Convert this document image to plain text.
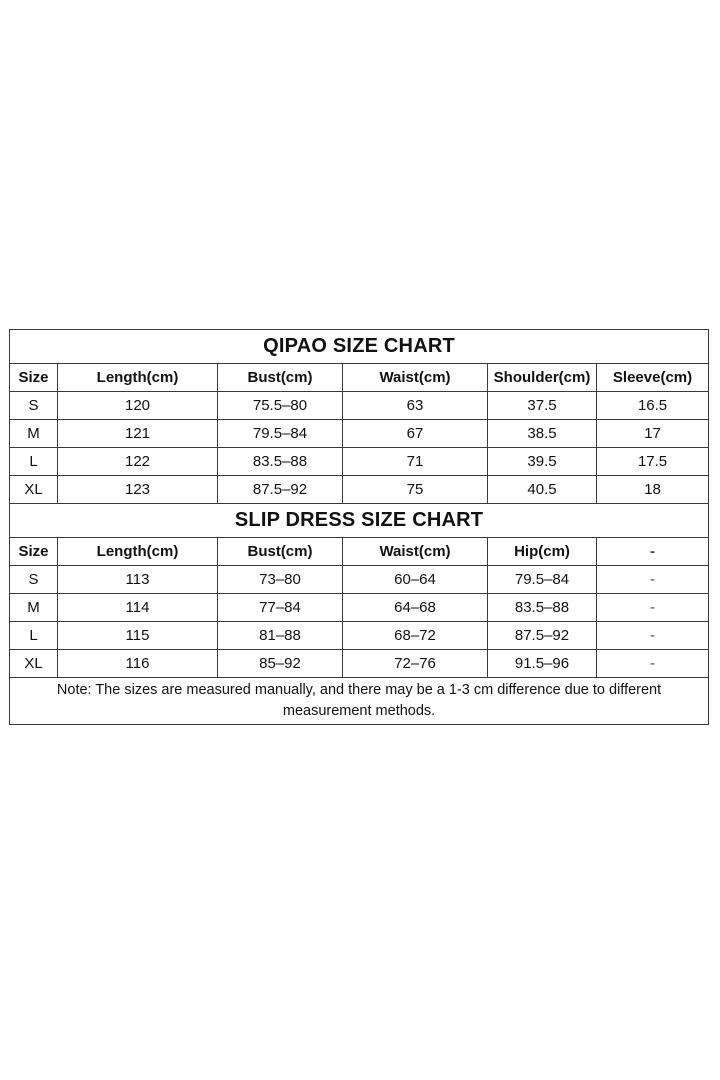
QIPAO SIZE CHART					
Size	Length(cm)	Bust(cm)	Waist(cm)	Shoulder(cm)	Sleeve(cm)
S	120	75.5–80	63	37.5	16.5
M	121	79.5–84	67	38.5	17
L	122	83.5–88	71	39.5	17.5
XL	123	87.5–92	75	40.5	18
SLIP DRESS SIZE CHART					
Size	Length(cm)	Bust(cm)	Waist(cm)	Hip(cm)	-
S	113	73–80	60–64	79.5–84	-
M	114	77–84	64–68	83.5–88	-
L	115	81–88	68–72	87.5–92	-
XL	116	85–92	72–76	91.5–96	-
Note: The sizes are measured manually, and there may be a 1-3 cm difference due to different measurement methods.					
